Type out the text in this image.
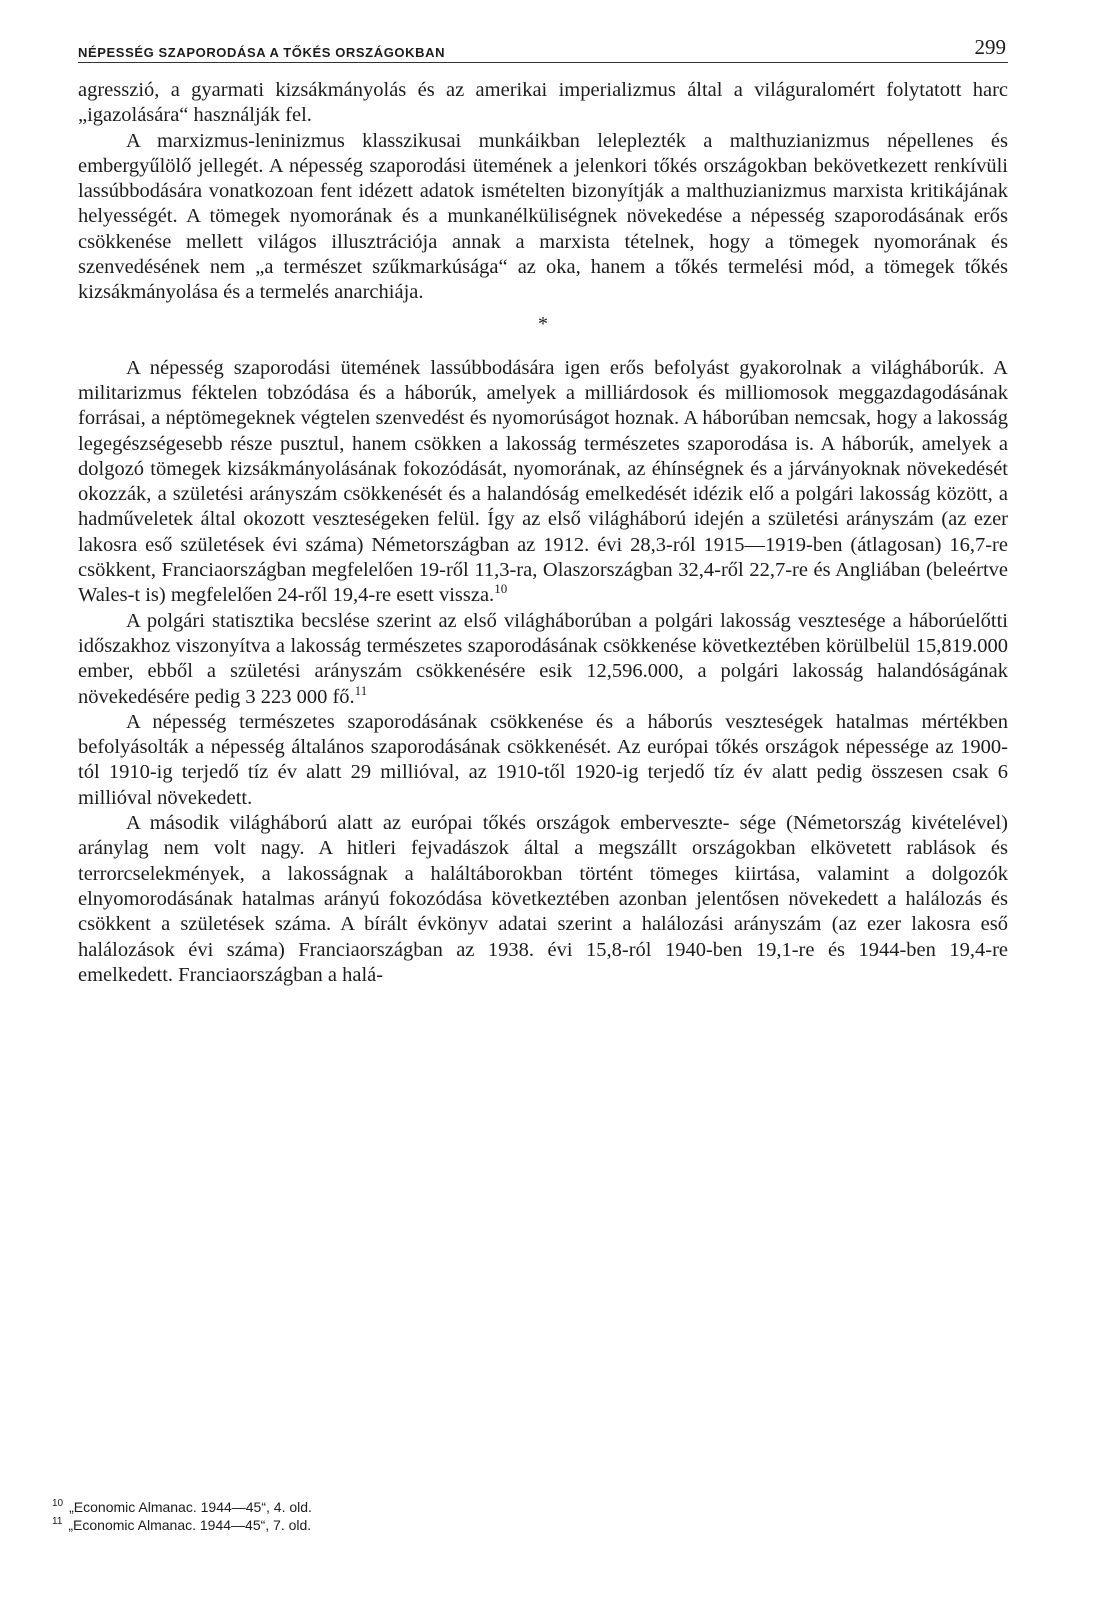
NÉPESSÉG SZAPORODÁSA A TŐKÉS ORSZÁGOKBAN	299

agresszió, a gyarmati kizsákmányolás és az amerikai imperializmus által a világuralomért folytatott harc „igazolására“ használják fel.

A marxizmus-leninizmus klasszikusai munkáikban leleplezték a malthuzianizmus népellenes és embergyűlölő jellegét. A népesség szaporodási ütemének a jelenkori tőkés országokban bekövetkezett renkívüli lassúbbodására vonatkozoan fent idézett adatok ismételten bizonyítják a malthuzianizmus marxista kritikájának helyességét. A tömegek nyomorának és a munkanélküliségnek növekedése a népesség szaporodásának erős csökkenése mellett világos illusztrációja annak a marxista tételnek, hogy a tömegek nyomorának és szenvedésének nem „a természet szűkmarkúsága“ az oka, hanem a tőkés termelési mód, a tömegek tőkés kizsákmányolása és a termelés anarchiája.

*

A népesség szaporodási ütemének lassúbbodására igen erős befolyást gyakorolnak a világháborúk. A militarizmus féktelen tobzódása és a háborúk, amelyek a milliárdosok és milliomosok meggazdagodásának forrásai, a néptömegeknek végtelen szenvedést és nyomorúságot hoznak. A háborúban nemcsak, hogy a lakosság legegészségesebb része pusztul, hanem csökken a lakosság természetes szaporodása is. A háborúk, amelyek a dolgozó tömegek kizsákmányolásának fokozódását, nyomorának, az éhínségnek és a járványoknak növekedését okozzák, a születési arányszám csökkenését és a halandóság emelkedését idézik elő a polgári lakosság között, a hadműveletek által okozott veszteségeken felül. Így az első világháború idején a születési arányszám (az ezer lakosra eső születések évi száma) Németországban az 1912. évi 28,3-ról 1915—1919-ben (átlagosan) 16,7-re csökkent, Franciaországban megfelelően 19-ről 11,3-ra, Olaszországban 32,4-ről 22,7-re és Angliában (beleértve Wales-t is) megfelelően 24-ről 19,4-re esett vissza.$^{10}$

A polgári statisztika becslése szerint az első világháborúban a polgári lakosság vesztesége a háborúelőtti időszakhoz viszonyítva a lakosság természetes szaporodásának csökkenése következtében körülbelül 15,819.000 ember, ebből a születési arányszám csökkenésére esik 12,596.000, a polgári lakosság halandóságának növekedésére pedig 3 223 000 fő.$^{11}$

A népesség természetes szaporodásának csökkenése és a háborús veszteségek hatalmas mértékben befolyásolták a népesség általános szaporodásának csökkenését. Az európai tőkés országok népessége az 1900-tól 1910-ig terjedő tíz év alatt 29 millióval, az 1910-től 1920-ig terjedő tíz év alatt pedig összesen csak 6 millióval növekedett.

A második világháború alatt az európai tőkés országok emberveszte- sége (Németország kivételével) aránylag nem volt nagy. A hitleri fejvadászok által a megszállt országokban elkövetett rablások és terrorcselekmények, a lakosságnak a haláltáborokban történt tömeges kiirtása, valamint a dolgozók elnyomorodásának hatalmas arányú fokozódása következtében azonban jelentősen növekedett a halálozás és csökkent a születések száma. A bírált évkönyv adatai szerint a halálozási arányszám (az ezer lakosra eső halálozások évi száma) Franciaországban az 1938. évi 15,8-ról 1940-ben 19,1-re és 1944-ben 19,4-re emelkedett. Franciaországban a halá-

$^{10}$ „Economic Almanac. 1944—45“, 4. old.
$^{11}$ „Economic Almanac. 1944—45“, 7. old.
